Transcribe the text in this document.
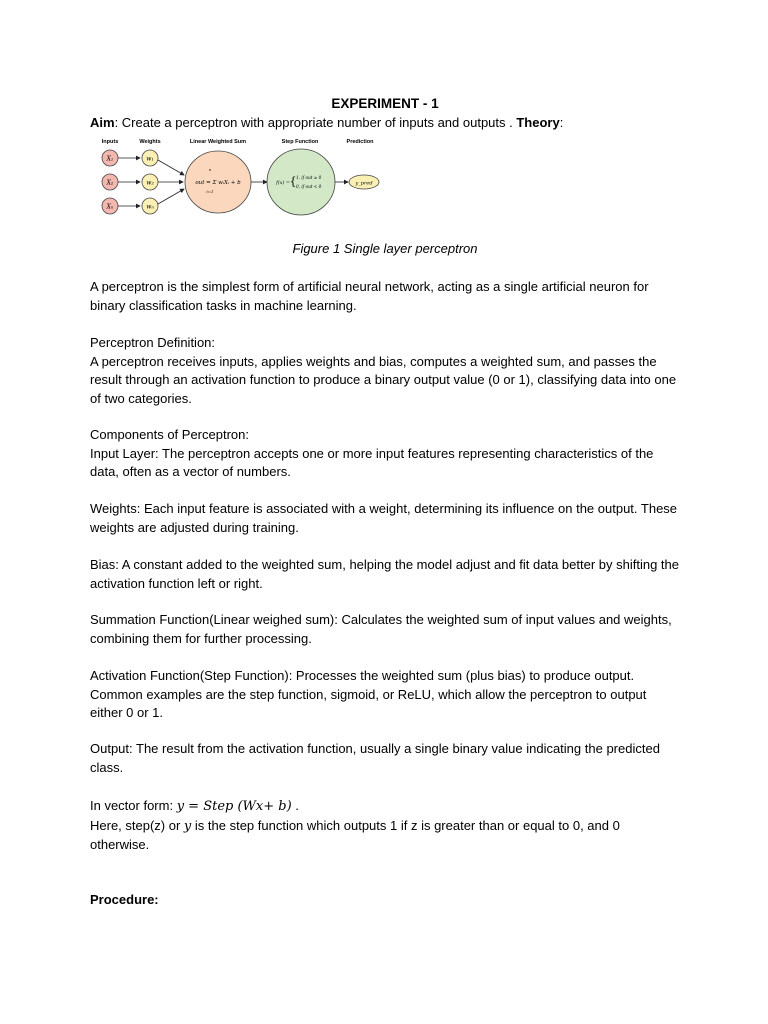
EXPERIMENT - 1
Aim: Create a perceptron with appropriate number of inputs and outputs . Theory:
Inputs	Weights	Linear Weighted Sum	Step Function	Prediction
X₁
X₂
Xₙ
w₁
w₂
wₙ
n
out = Σ wᵢXᵢ + b
i=1
f(x) = { 1, if out ≥ 0
0, if out < 0	y_pred
Figure 1 Single layer perceptron

A perceptron is the simplest form of artificial neural network, acting as a single artificial neuron for binary classification tasks in machine learning.

Perceptron Definition:

A perceptron receives inputs, applies weights and bias, computes a weighted sum, and passes the result through an activation function to produce a binary output value (0 or 1), classifying data into one of two categories.

Components of Perceptron:

Input Layer: The perceptron accepts one or more input features representing characteristics of the data, often as a vector of numbers.

Weights: Each input feature is associated with a weight, determining its influence on the output. These weights are adjusted during training.

Bias: A constant added to the weighted sum, helping the model adjust and fit data better by shifting the activation function left or right.

Summation Function(Linear weighed sum): Calculates the weighted sum of input values and weights, combining them for further processing.

Activation Function(Step Function): Processes the weighted sum (plus bias) to produce output. Common examples are the step function, sigmoid, or ReLU, which allow the perceptron to output either 0 or 1.

Output: The result from the activation function, usually a single binary value indicating the predicted class.

In vector form: y = Step (Wx+ b) .

Here, step(z) or y is the step function which outputs 1 if z is greater than or equal to 0, and 0 otherwise.

Procedure:
